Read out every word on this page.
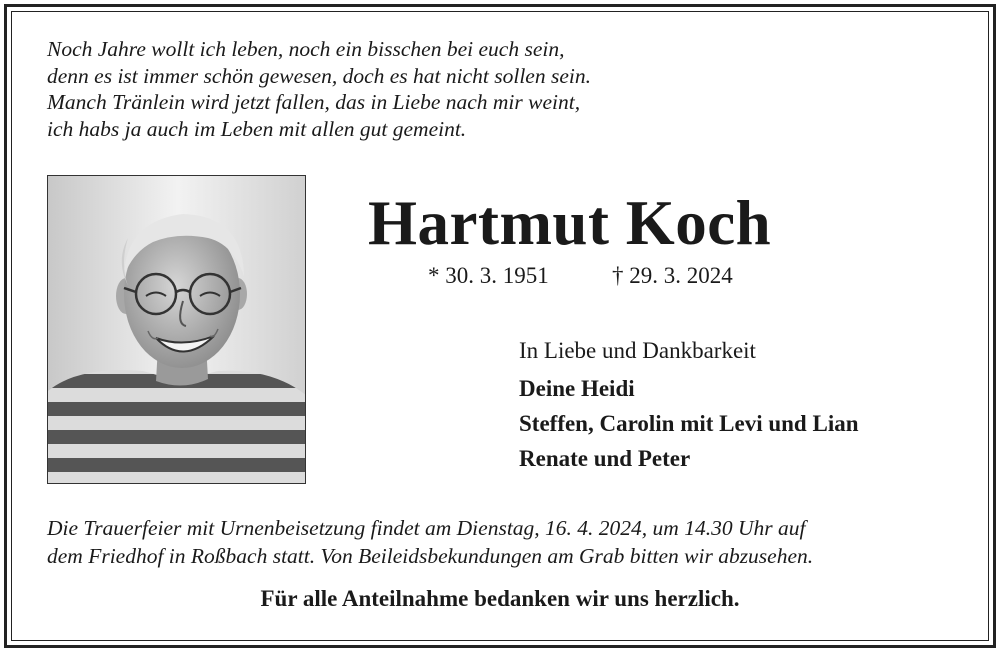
Noch Jahre wollt ich leben, noch ein bisschen bei euch sein,
denn es ist immer schön gewesen, doch es hat nicht sollen sein.
Manch Tränlein wird jetzt fallen, das in Liebe nach mir weint,
ich habs ja auch im Leben mit allen gut gemeint.
Hartmut Koch
* 30. 3. 1951	† 29. 3. 2024
In Liebe und Dankbarkeit
Deine Heidi
Steffen, Carolin mit Levi und Lian
Renate und Peter
Die Trauerfeier mit Urnenbeisetzung findet am Dienstag, 16. 4. 2024, um 14.30 Uhr auf
dem Friedhof in Roßbach statt. Von Beileidsbekundungen am Grab bitten wir abzusehen.
Für alle Anteilnahme bedanken wir uns herzlich.
